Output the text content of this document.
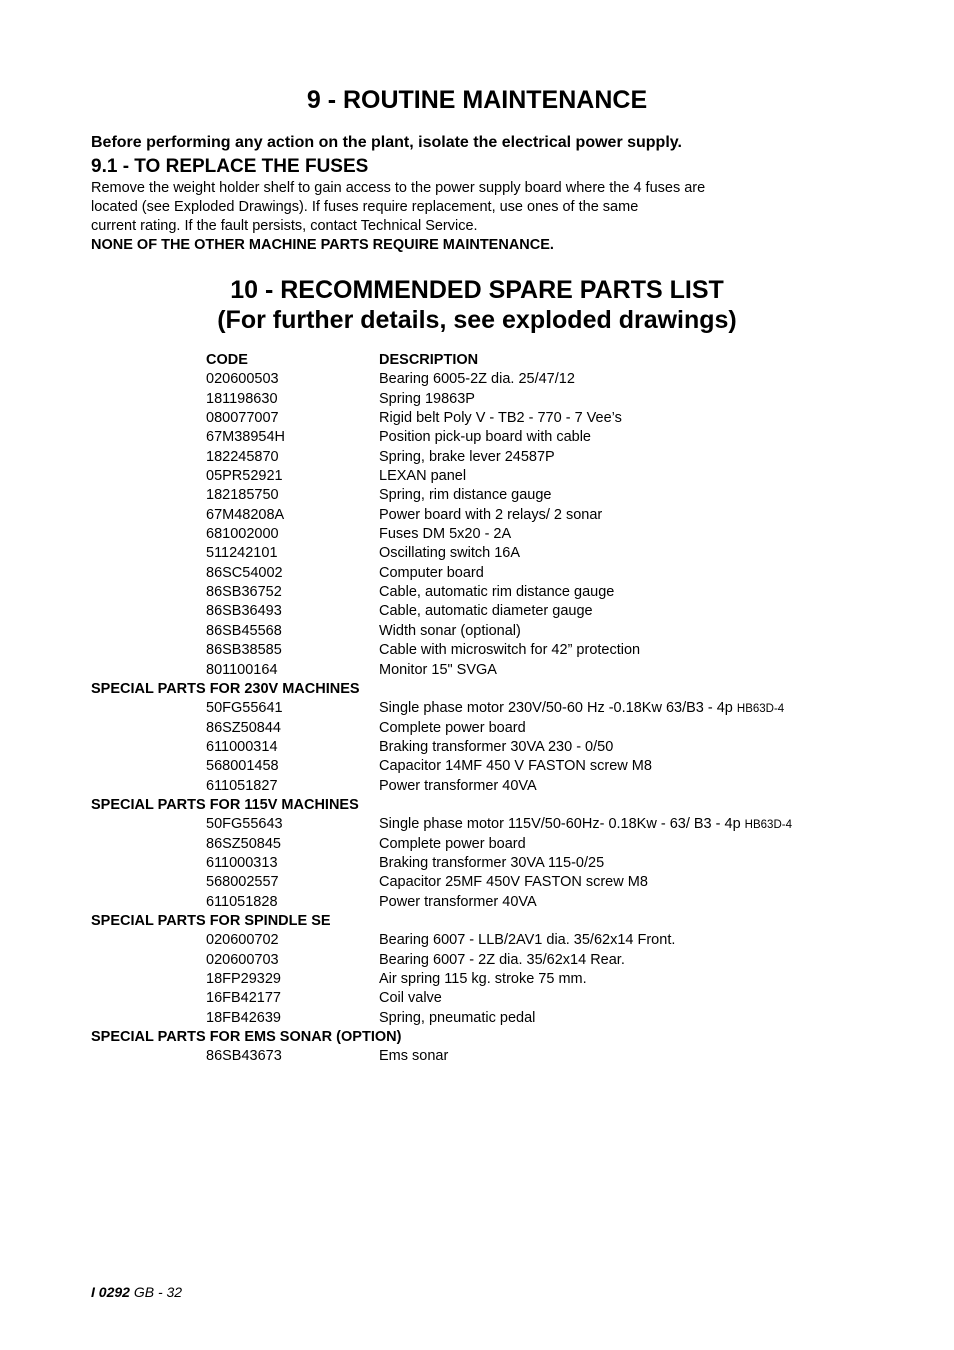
9 - ROUTINE MAINTENANCE
Before performing any action on the plant, isolate the electrical power supply.
9.1 - TO REPLACE THE FUSES
Remove the weight holder shelf to gain access to the power supply board where the 4 fuses are
located (see Exploded Drawings). If fuses require replacement, use ones of the same
current rating. If the fault persists, contact Technical Service.
NONE OF THE OTHER MACHINE PARTS REQUIRE MAINTENANCE.
10 - RECOMMENDED SPARE PARTS LIST
(For further details, see exploded drawings)
CODE	DESCRIPTION
020600503	Bearing 6005-2Z dia. 25/47/12
181198630	Spring 19863P
080077007	Rigid belt Poly V - TB2 - 770 - 7 Vee’s
67M38954H	Position pick-up board with cable
182245870	Spring, brake lever 24587P
05PR52921	LEXAN panel
182185750	Spring, rim distance gauge
67M48208A	Power board with 2 relays/ 2 sonar
681002000	Fuses DM 5x20 - 2A
511242101	Oscillating switch 16A
86SC54002	Computer board
86SB36752	Cable, automatic rim distance gauge
86SB36493	Cable, automatic diameter gauge
86SB45568	Width sonar (optional)
86SB38585	Cable with microswitch for 42” protection
801100164	Monitor 15" SVGA
SPECIAL PARTS FOR 230V MACHINES
50FG55641	Single phase motor 230V/50-60 Hz -0.18Kw 63/B3 - 4p HB63D-4
86SZ50844	Complete power board
611000314	Braking transformer 30VA 230 - 0/50
568001458	Capacitor 14MF 450 V FASTON screw M8
611051827	Power transformer 40VA
SPECIAL PARTS FOR 115V MACHINES
50FG55643	Single phase motor 115V/50-60Hz- 0.18Kw - 63/ B3 - 4p HB63D-4
86SZ50845	Complete power board
611000313	Braking transformer 30VA 115-0/25
568002557	Capacitor 25MF 450V FASTON screw M8
611051828	Power transformer 40VA
SPECIAL PARTS FOR SPINDLE SE
020600702	Bearing 6007 - LLB/2AV1 dia. 35/62x14 Front.
020600703	Bearing 6007 - 2Z dia. 35/62x14 Rear.
18FP29329	Air spring 115 kg. stroke 75 mm.
16FB42177	Coil valve
18FB42639	Spring, pneumatic pedal
SPECIAL PARTS FOR EMS SONAR (OPTION)
86SB43673	Ems sonar
I 0292 GB - 32
